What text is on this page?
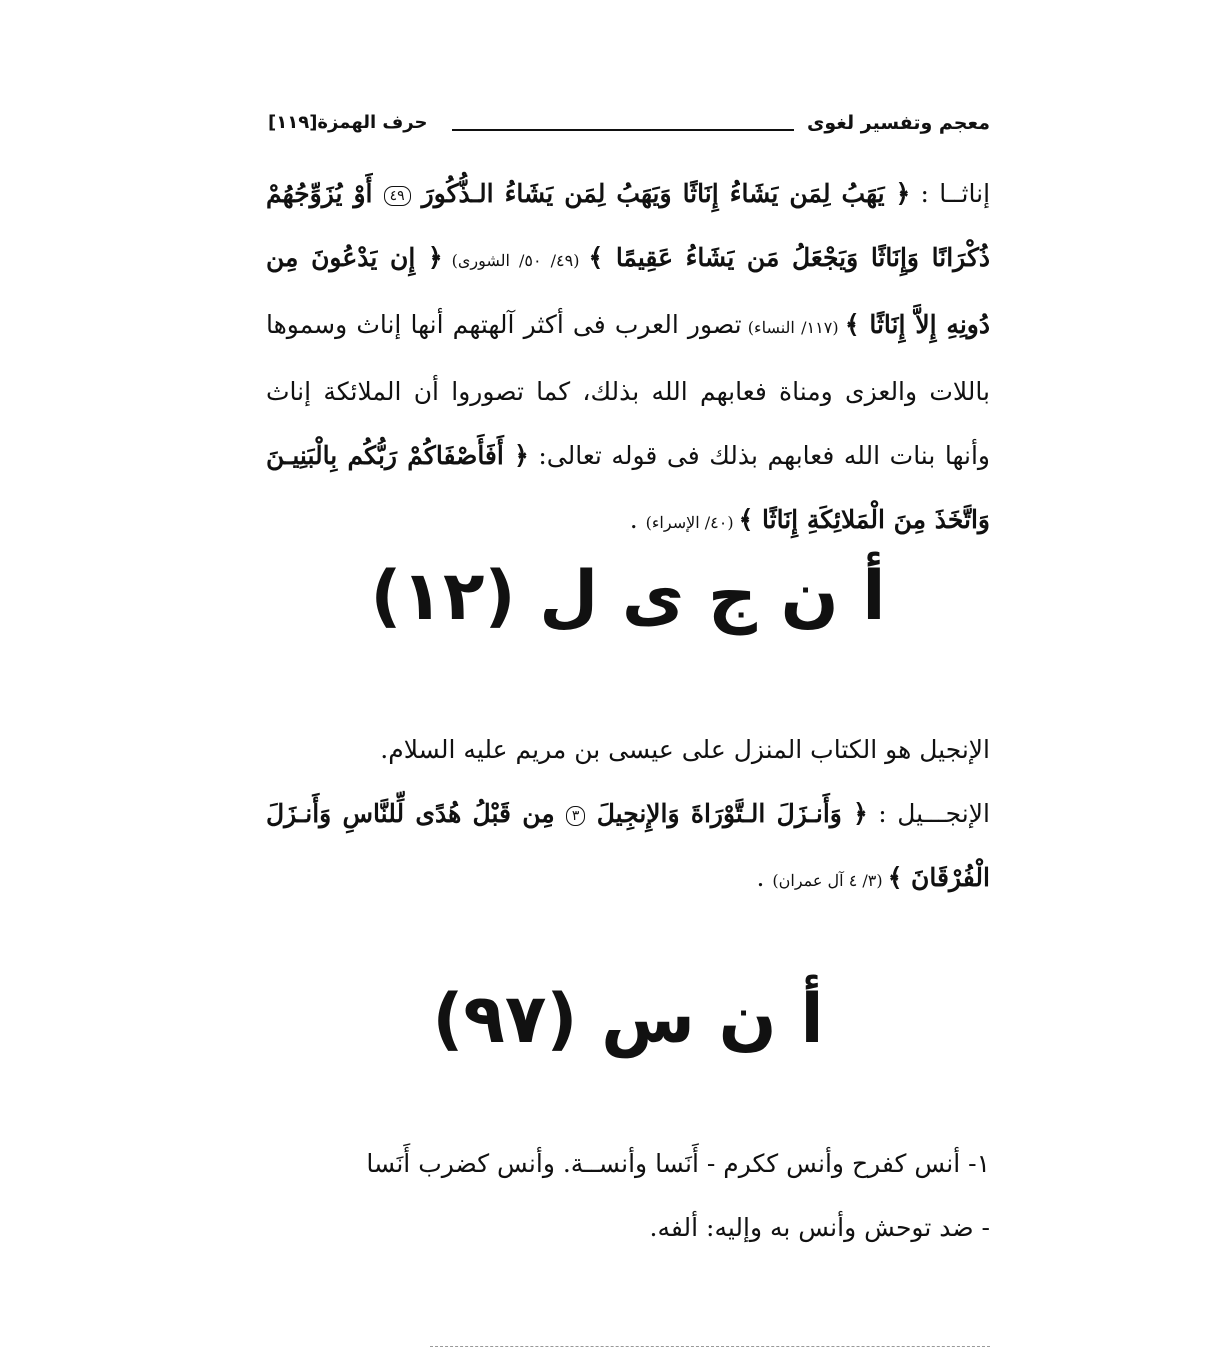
معجم وتفسير لغوى
حرف الهمزة[١١٩]

إناثــا : ﴿ يَهَبُ لِمَن يَشَاءُ إِنَاثًا وَيَهَبُ لِمَن يَشَاءُ الـذُّكُورَ ٤٩ أَوْ يُزَوِّجُهُمْ ذُكْرَانًا وَإِنَاثًا وَيَجْعَلُ مَن يَشَاءُ عَقِيمًا ﴾ (٤٩/ ٥٠/ الشورى) ﴿ إِن يَدْعُونَ مِن دُونِهِ إِلاَّ إِنَاثًا ﴾ (١١٧/ النساء) تصور العرب فى أكثر آلهتهم أنها إناث وسموها باللات والعزى ومناة فعابهم الله بذلك، كما تصوروا أن الملائكة إناث وأنها بنات الله فعابهم بذلك فى قوله تعالى: ﴿ أَفَأَصْفَاكُمْ رَبُّكُم بِالْبَنِيـنَ وَاتَّخَذَ مِنَ الْمَلائِكَةِ إِنَاثًا ﴾ (٤٠/ الإسراء) .

أ ن ج ى ل (١٢)

الإنجيل هو الكتاب المنزل على عيسى بن مريم عليه السلام.

الإنجـــيل : ﴿ وَأَنـزَلَ الـتَّوْرَاةَ وَالإِنجِيلَ ٣ مِن قَبْلُ هُدًى لِّلنَّاسِ وَأَنـزَلَ الْفُرْقَانَ ﴾ (٣/ ٤ آل عمران) .

أ ن س (٩٧)

١- أنس كفرح وأنس ككرم - أَنَسا وأنســة. وأنس كضرب أَنَسا

- ضد توحش وأنس به وإليه: ألفه.
